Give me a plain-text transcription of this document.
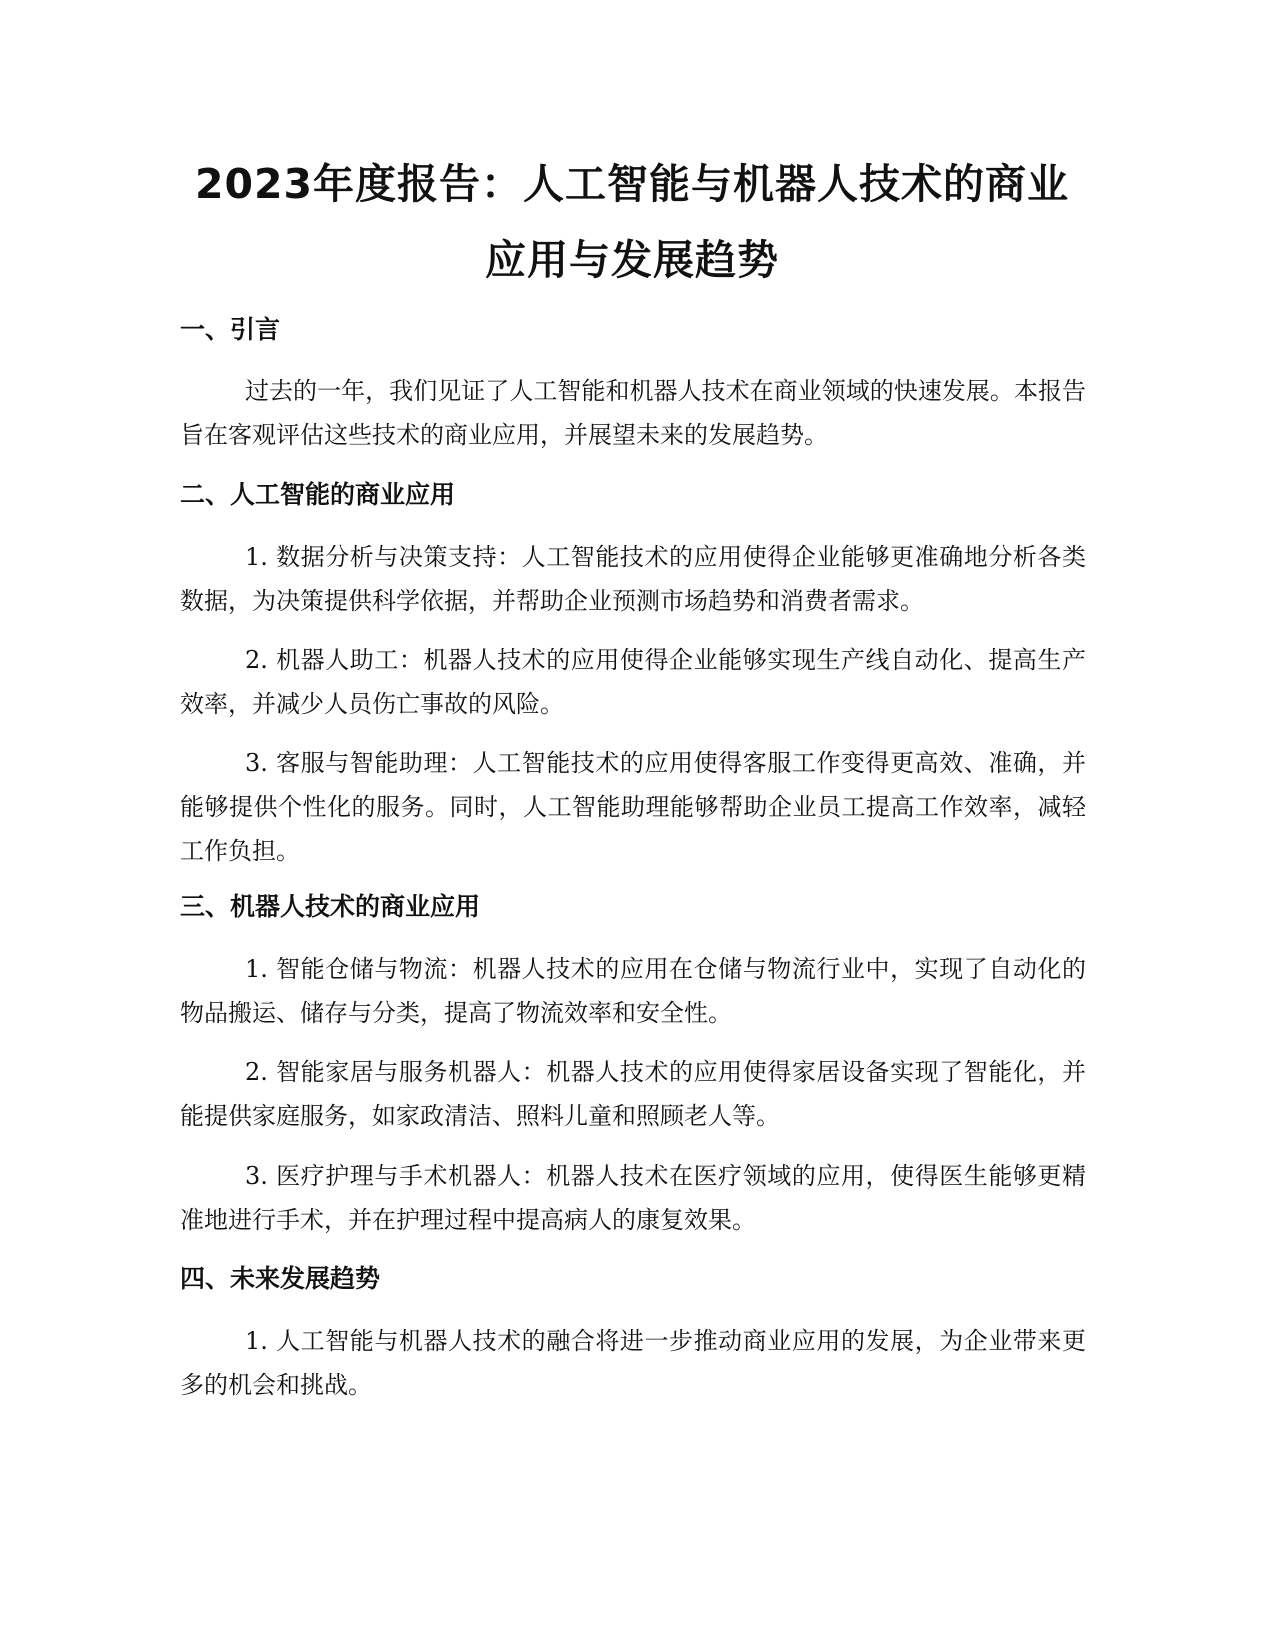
2023年度报告：人工智能与机器人技术的商业应用与发展趋势
一、引言

过去的一年，我们见证了人工智能和机器人技术在商业领域的快速发展。本报告旨在客观评估这些技术的商业应用，并展望未来的发展趋势。

二、人工智能的商业应用

1. 数据分析与决策支持：人工智能技术的应用使得企业能够更准确地分析各类数据，为决策提供科学依据，并帮助企业预测市场趋势和消费者需求。

2. 机器人助工：机器人技术的应用使得企业能够实现生产线自动化、提高生产效率，并减少人员伤亡事故的风险。

3. 客服与智能助理：人工智能技术的应用使得客服工作变得更高效、准确，并能够提供个性化的服务。同时，人工智能助理能够帮助企业员工提高工作效率，减轻工作负担。

三、机器人技术的商业应用

1. 智能仓储与物流：机器人技术的应用在仓储与物流行业中，实现了自动化的物品搬运、储存与分类，提高了物流效率和安全性。

2. 智能家居与服务机器人：机器人技术的应用使得家居设备实现了智能化，并能提供家庭服务，如家政清洁、照料儿童和照顾老人等。

3. 医疗护理与手术机器人：机器人技术在医疗领域的应用，使得医生能够更精准地进行手术，并在护理过程中提高病人的康复效果。

四、未来发展趋势

1. 人工智能与机器人技术的融合将进一步推动商业应用的发展，为企业带来更多的机会和挑战。
